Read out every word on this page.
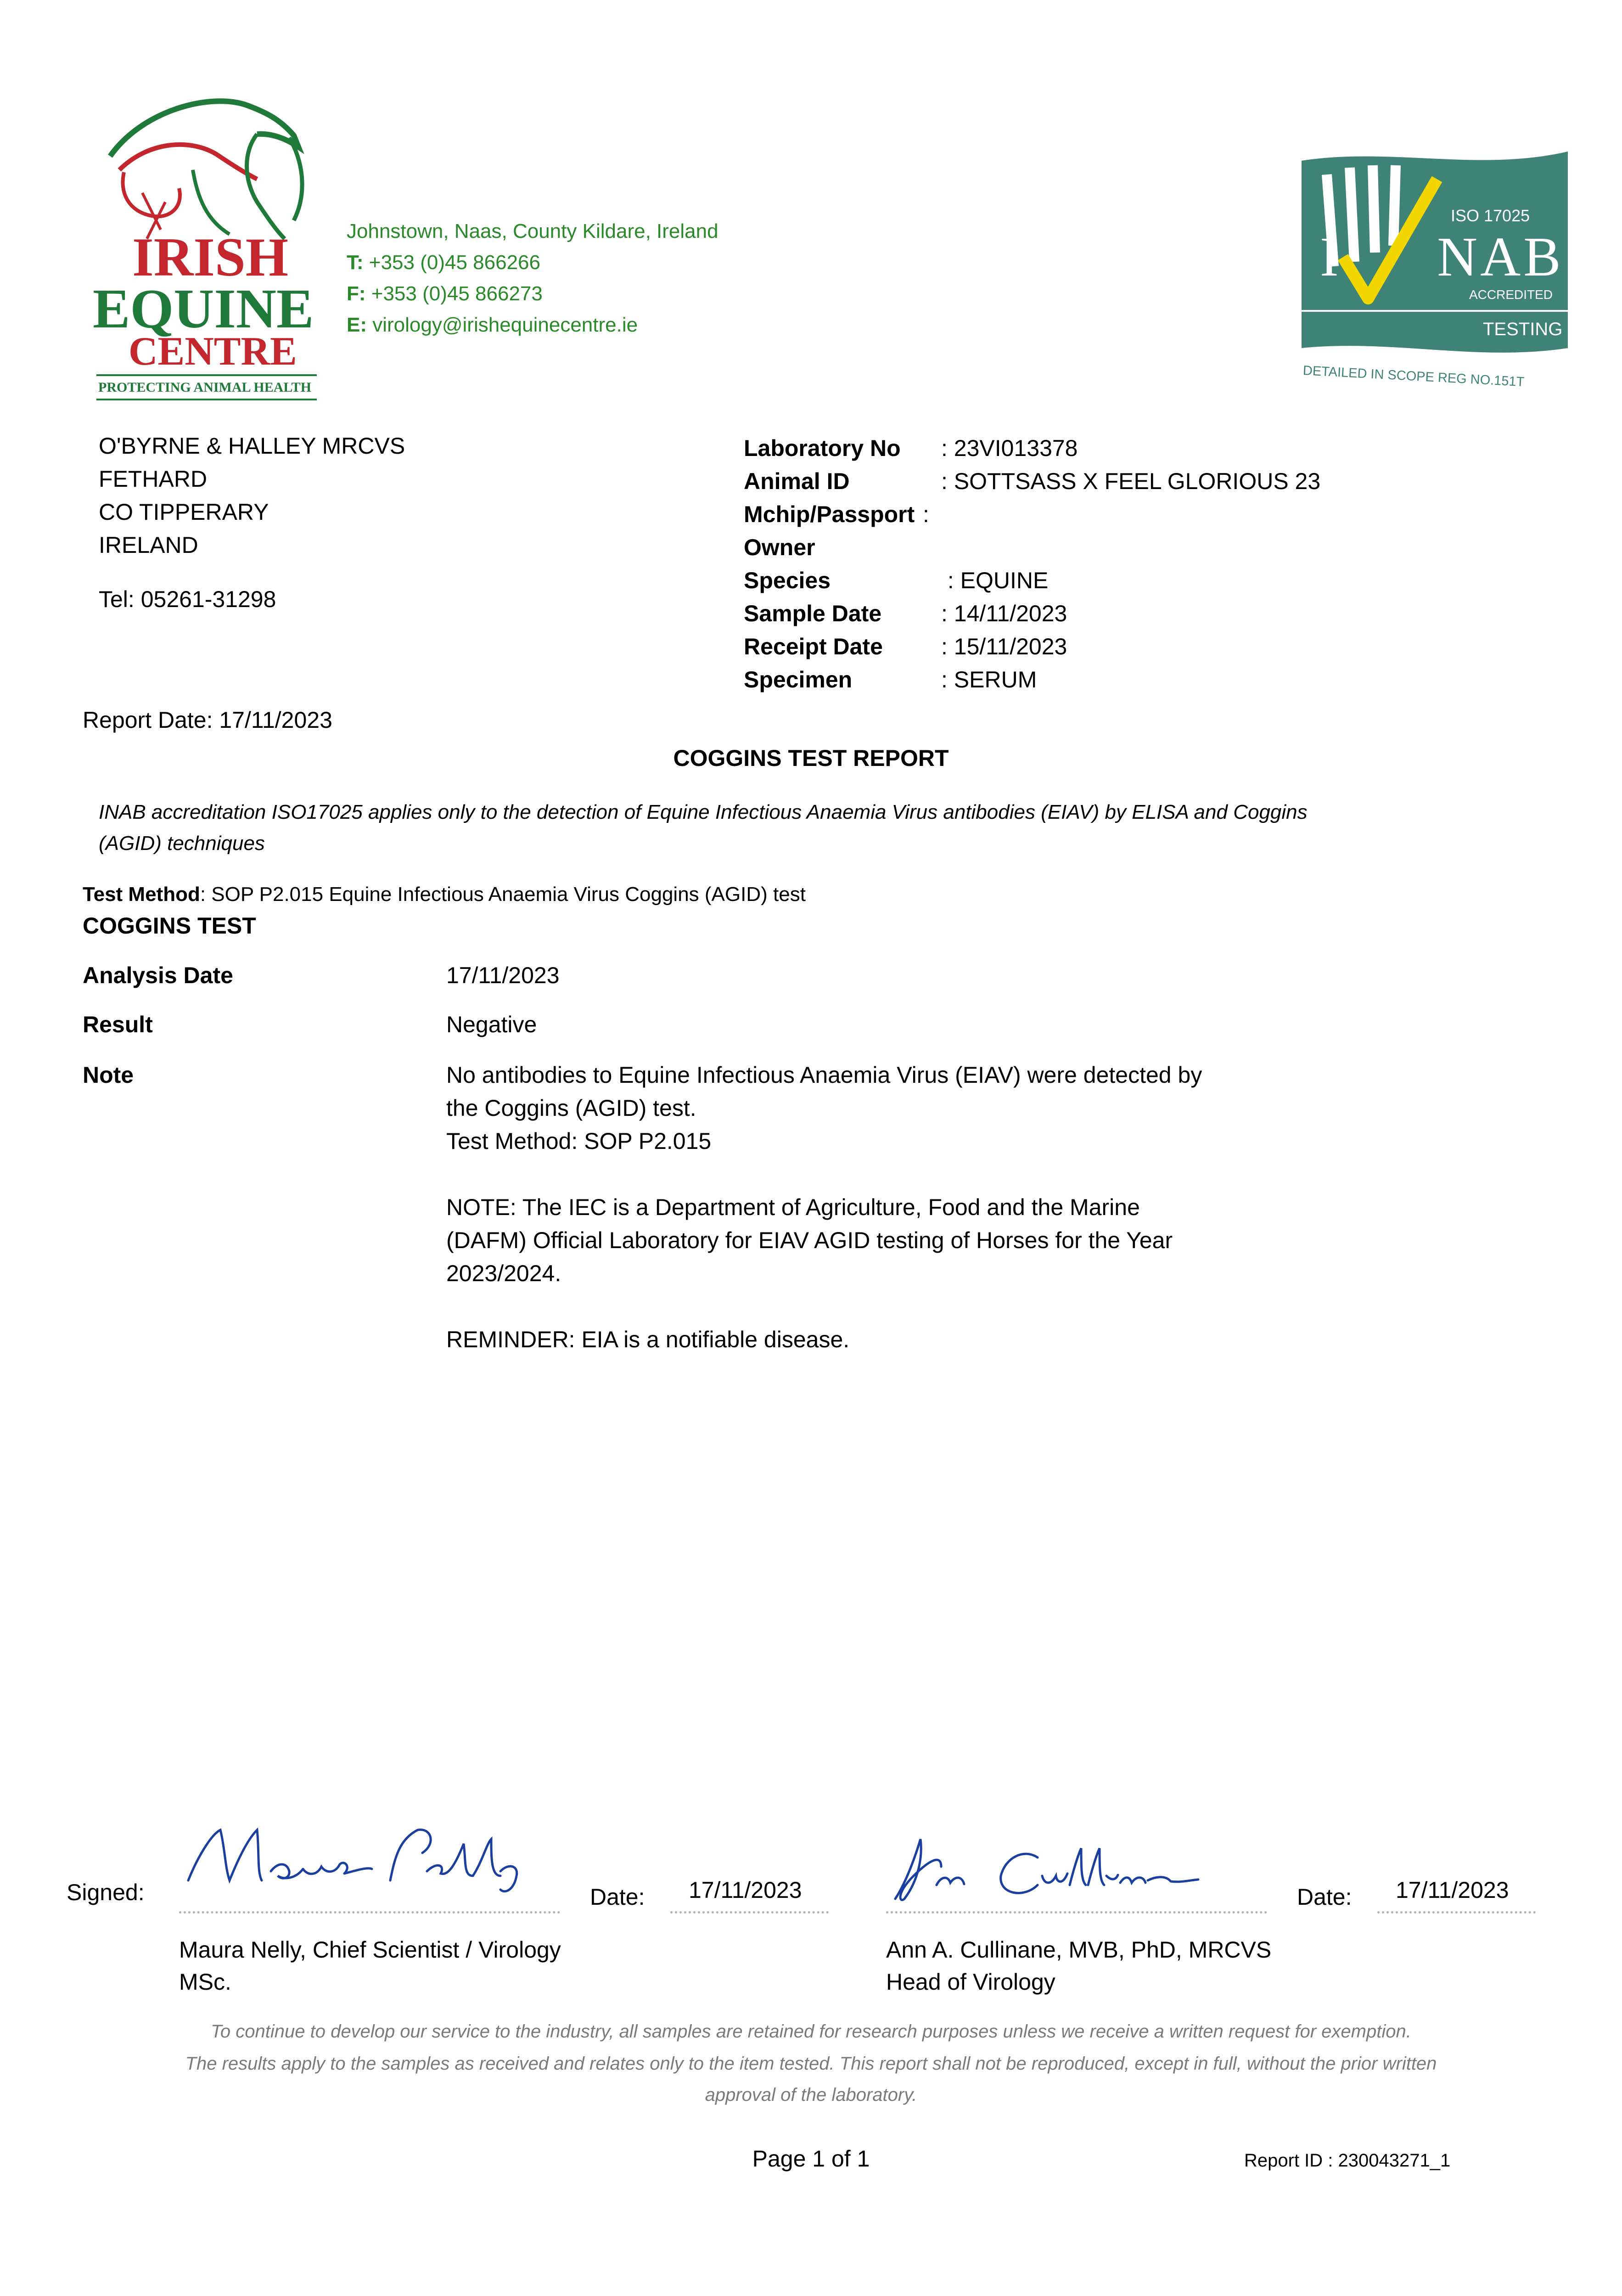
IRISH
EQUINE
CENTRE
PROTECTING ANIMAL HEALTH
Johnstown, Naas, County Kildare, Ireland
T: +353 (0)45 866266
F: +353 (0)45 866273
E: virology@irishequinecentre.ie
ISO 17025
I NAB
ACCREDITED
TESTING
DETAILED IN SCOPE REG NO.151T
O'BYRNE & HALLEY MRCVS
FETHARD
CO TIPPERARY
IRELAND
Tel: 05261-31298
Laboratory No : 23VI013378
Animal ID	: SOTTSASS X FEEL GLORIOUS 23
Mchip/Passport :
Owner
Species	: EQUINE
Sample Date	: 14/11/2023
Receipt Date	: 15/11/2023
Specimen	: SERUM
Report Date: 17/11/2023
COGGINS TEST REPORT
INAB accreditation ISO17025 applies only to the detection of Equine Infectious Anaemia Virus antibodies (EIAV) by ELISA and Coggins (AGID) techniques
Test Method: SOP P2.015 Equine Infectious Anaemia Virus Coggins (AGID) test
COGGINS TEST
Analysis Date	17/11/2023
Result	Negative
Note	No antibodies to Equine Infectious Anaemia Virus (EIAV) were detected by
the Coggins (AGID) test.
Test Method: SOP P2.015

NOTE: The IEC is a Department of Agriculture, Food and the Marine
(DAFM) Official Laboratory for EIAV AGID testing of Horses for the Year
2023/2024.

REMINDER: EIA is a notifiable disease.
Signed:	Date: 17/11/2023
Maura Nelly, Chief Scientist / Virology
MSc.
Date: 17/11/2023
Ann A. Cullinane, MVB, PhD, MRCVS
Head of Virology
To continue to develop our service to the industry, all samples are retained for research purposes unless we receive a written request for exemption.
The results apply to the samples as received and relates only to the item tested. This report shall not be reproduced, except in full, without the prior written approval of the laboratory.
Page 1 of 1	Report ID : 230043271_1
